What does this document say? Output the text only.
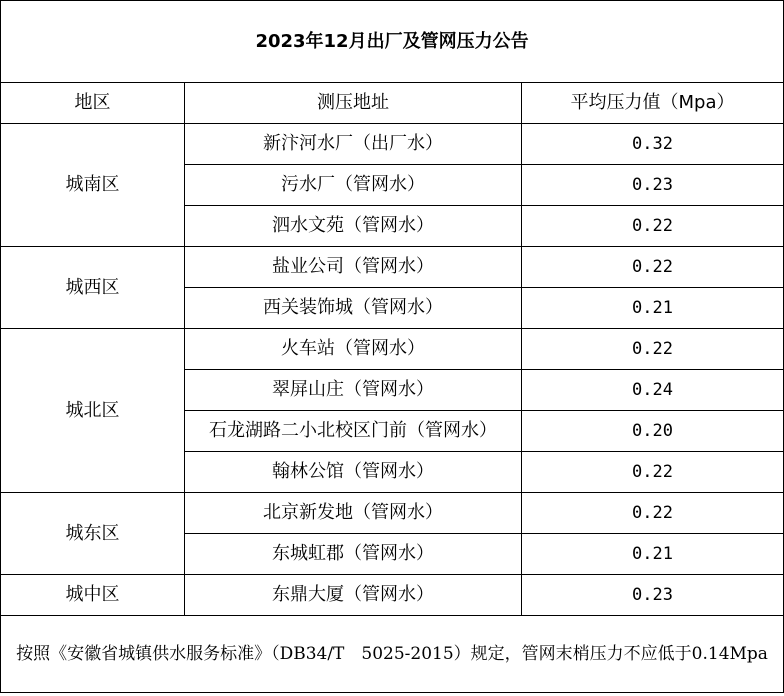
2023年12月出厂及管网压力公告		
地区	测压地址	平均压力值（Mpa）
城南区	新汴河水厂（出厂水）	0.32
	污水厂（管网水）	0.23
	泗水文苑（管网水）	0.22
城西区	盐业公司（管网水）	0.22
	西关装饰城（管网水）	0.21
城北区	火车站（管网水）	0.22
	翠屏山庄（管网水）	0.24
	石龙湖路二小北校区门前（管网水）	0.20
	翰林公馆（管网水）	0.22
城东区	北京新发地（管网水）	0.22
	东城虹郡（管网水）	0.21
城中区	东鼎大厦（管网水）	0.23
按照《安徽省城镇供水服务标准》（DB34/T　5025-2015）规定，管网末梢压力不应低于0.14Mpa		
